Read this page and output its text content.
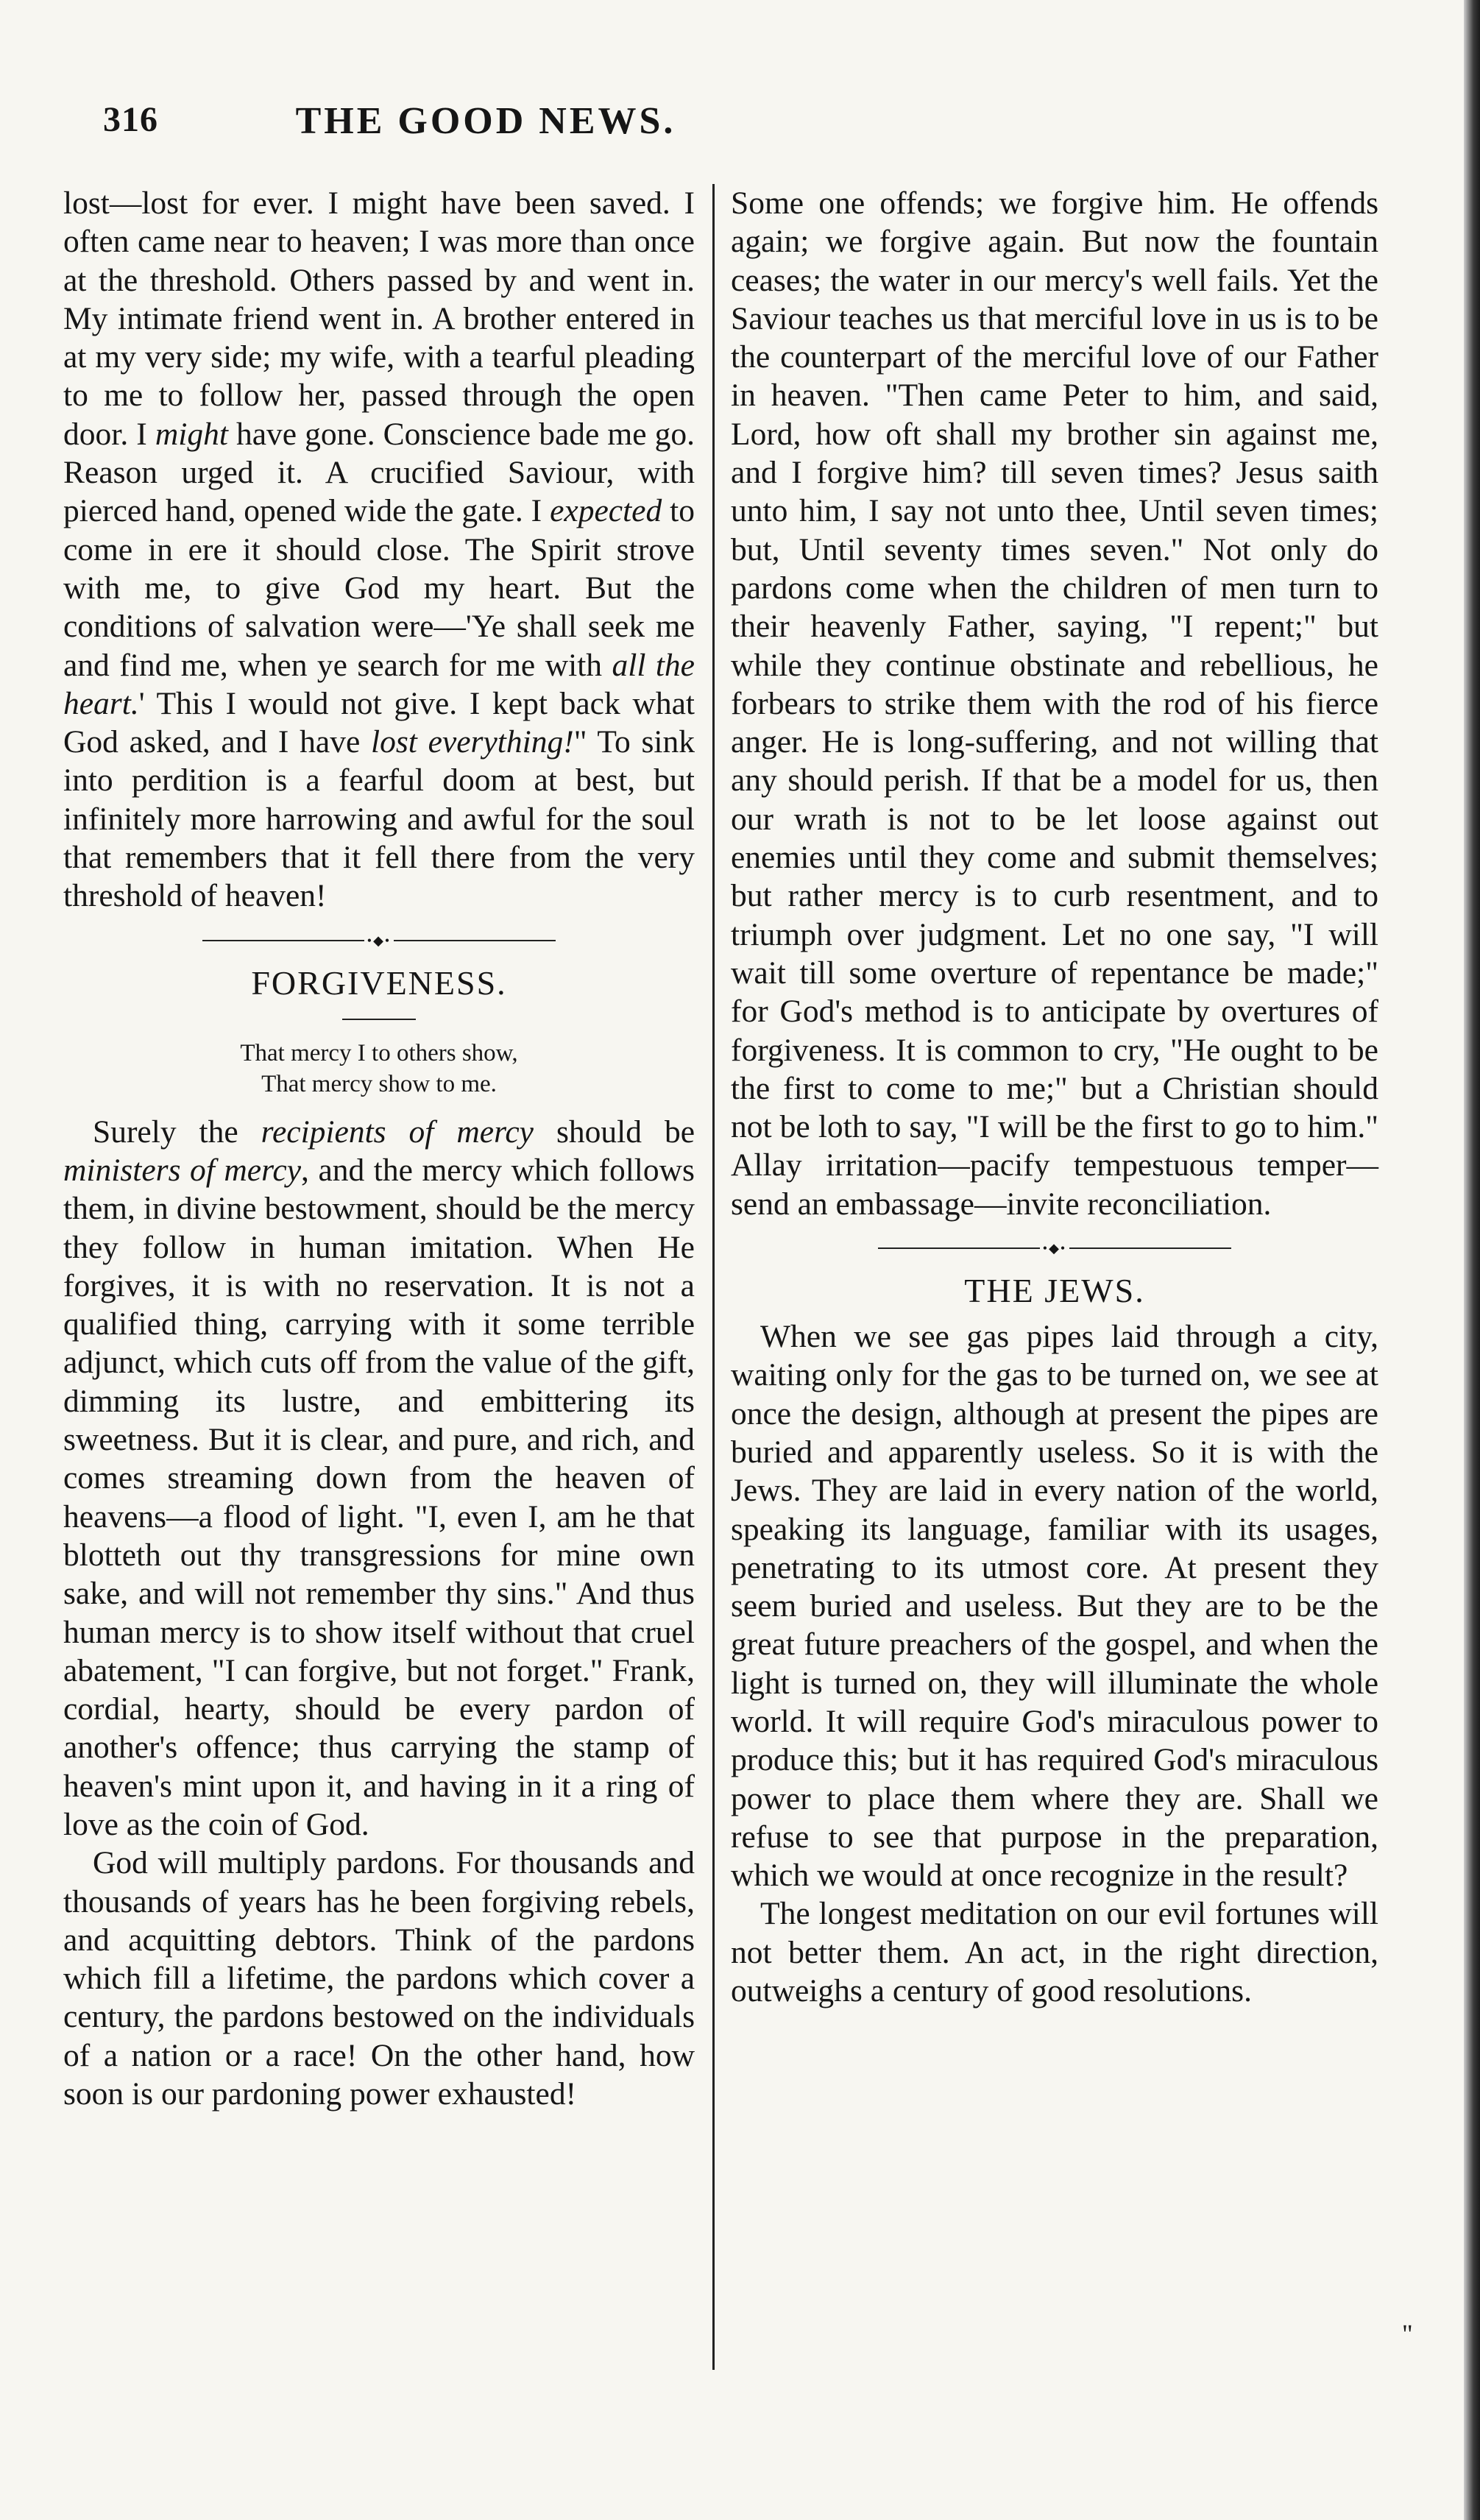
316	THE GOOD NEWS.

lost—lost for ever. I might have been saved. I often came near to heaven; I was more than once at the threshold. Others passed by and went in. My intimate friend went in. A brother entered in at my very side; my wife, with a tearful pleading to me to follow her, passed through the open door. I might have gone. Conscience bade me go. Reason urged it. A crucified Saviour, with pierced hand, opened wide the gate. I expected to come in ere it should close. The Spirit strove with me, to give God my heart. But the conditions of salvation were—'Ye shall seek me and find me, when ye search for me with all the heart.' This I would not give. I kept back what God asked, and I have lost everything!" To sink into perdition is a fearful doom at best, but infinitely more harrowing and awful for the soul that remembers that it fell there from the very threshold of heaven!

•◆•
FORGIVENESS.
That mercy I to others show,
That mercy show to me.

Surely the recipients of mercy should be ministers of mercy, and the mercy which follows them, in divine bestowment, should be the mercy they follow in human imitation. When He forgives, it is with no reservation. It is not a qualified thing, carrying with it some terrible adjunct, which cuts off from the value of the gift, dimming its lustre, and embittering its sweetness. But it is clear, and pure, and rich, and comes streaming down from the heaven of heavens—a flood of light. "I, even I, am he that blotteth out thy transgressions for mine own sake, and will not remember thy sins." And thus human mercy is to show itself without that cruel abatement, "I can forgive, but not forget." Frank, cordial, hearty, should be every pardon of another's offence; thus carrying the stamp of heaven's mint upon it, and having in it a ring of love as the coin of God.

God will multiply pardons. For thousands and thousands of years has he been forgiving rebels, and acquitting debtors. Think of the pardons which fill a lifetime, the pardons which cover a century, the pardons bestowed on the individuals of a nation or a race! On the other hand, how soon is our pardoning power exhausted!

Some one offends; we forgive him. He offends again; we forgive again. But now the fountain ceases; the water in our mercy's well fails. Yet the Saviour teaches us that merciful love in us is to be the counterpart of the merciful love of our Father in heaven. "Then came Peter to him, and said, Lord, how oft shall my brother sin against me, and I forgive him? till seven times? Jesus saith unto him, I say not unto thee, Until seven times; but, Until seventy times seven." Not only do pardons come when the children of men turn to their heavenly Father, saying, "I repent;" but while they continue obstinate and rebellious, he forbears to strike them with the rod of his fierce anger. He is long-suffering, and not willing that any should perish. If that be a model for us, then our wrath is not to be let loose against out enemies until they come and submit themselves; but rather mercy is to curb resentment, and to triumph over judgment. Let no one say, "I will wait till some overture of repentance be made;" for God's method is to anticipate by overtures of forgiveness. It is common to cry, "He ought to be the first to come to me;" but a Christian should not be loth to say, "I will be the first to go to him." Allay irritation—pacify tempestuous temper—send an embassage—invite reconciliation.

•◆•
THE JEWS.

When we see gas pipes laid through a city, waiting only for the gas to be turned on, we see at once the design, although at present the pipes are buried and apparently useless. So it is with the Jews. They are laid in every nation of the world, speaking its language, familiar with its usages, penetrating to its utmost core. At present they seem buried and useless. But they are to be the great future preachers of the gospel, and when the light is turned on, they will illuminate the whole world. It will require God's miraculous power to produce this; but it has required God's miraculous power to place them where they are. Shall we refuse to see that purpose in the preparation, which we would at once recognize in the result?

The longest meditation on our evil fortunes will not better them. An act, in the right direction, outweighs a century of good resolutions.

"
